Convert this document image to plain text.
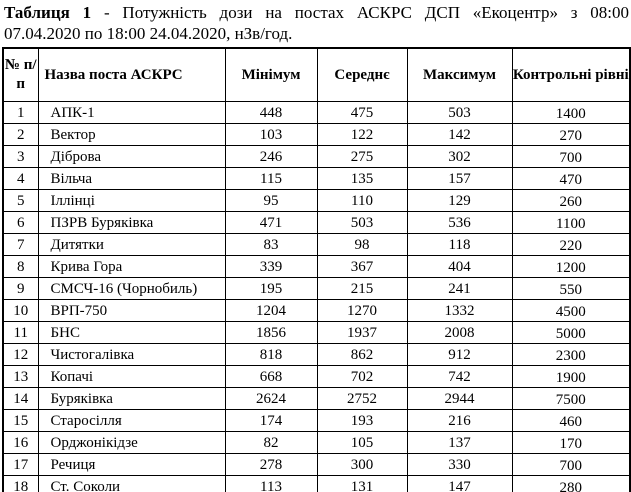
Таблиця 1 - Потужність дози на постах АСКРС ДСП «Екоцентр» з 08:00
07.04.2020 по 18:00 24.04.2020, нЗв/год.
№ п/п	Назва поста АСКРС	Мінімум	Середнє	Максимум	Контрольні рівні
1	АПК-1	448	475	503	1400
2	Вектор	103	122	142	270
3	Діброва	246	275	302	700
4	Вільча	115	135	157	470
5	Іллінці	95	110	129	260
6	ПЗРВ Буряківка	471	503	536	1100
7	Дитятки	83	98	118	220
8	Крива Гора	339	367	404	1200
9	СМСЧ-16 (Чорнобиль)	195	215	241	550
10	ВРП-750	1204	1270	1332	4500
11	БНС	1856	1937	2008	5000
12	Чистогалівка	818	862	912	2300
13	Копачі	668	702	742	1900
14	Буряківка	2624	2752	2944	7500
15	Старосілля	174	193	216	460
16	Орджонікідзе	82	105	137	170
17	Речиця	278	300	330	700
18	Ст. Соколи	113	131	147	280
